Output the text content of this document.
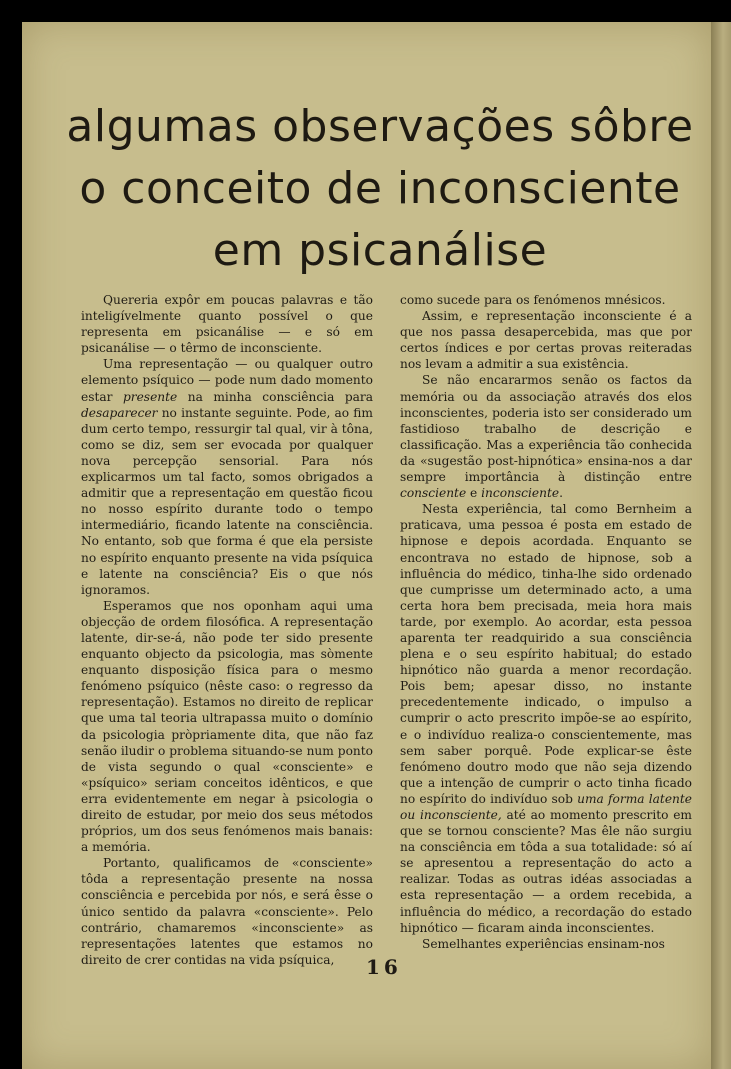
algumas observações sôbre
o conceito de inconsciente
em psicanálise

Quereria expôr em poucas palavras e tão inteligívelmente quanto possível o que representa em psicanálise — e só em psicanálise — o têrmo de inconsciente.

Uma representação — ou qualquer outro elemento psíquico — pode num dado momento estar presente na minha consciência para desaparecer no instante seguinte. Pode, ao fim dum certo tempo, ressurgir tal qual, vir à tôna, como se diz, sem ser evocada por qualquer nova percepção sensorial. Para nós explicarmos um tal facto, somos obrigados a admitir que a representação em questão ficou no nosso espírito durante todo o tempo intermediário, ficando latente na consciência. No entanto, sob que forma é que ela persiste no espírito enquanto presente na vida psíquica e latente na consciência? Eis o que nós ignoramos.

Esperamos que nos oponham aqui uma objecção de ordem filosófica. A representação latente, dir-se-á, não pode ter sido presente enquanto objecto da psicologia, mas sòmente enquanto disposição física para o mesmo fenómeno psíquico (nêste caso: o regresso da representação). Estamos no direito de replicar que uma tal teoria ultrapassa muito o domínio da psicologia pròpriamente dita, que não faz senão iludir o problema situando-se num ponto de vista segundo o qual «consciente» e «psíquico» seriam conceitos idênticos, e que erra evidentemente em negar à psicologia o direito de estudar, por meio dos seus métodos próprios, um dos seus fenómenos mais banais: a memória.

Portanto, qualificamos de «consciente» tôda a representação presente na nossa consciência e percebida por nós, e será êsse o único sentido da palavra «consciente». Pelo contrário, chamaremos «inconsciente» as representações latentes que estamos no direito de crer contidas na vida psíquica,

como sucede para os fenómenos mnésicos.

Assim, e representação inconsciente é a que nos passa desapercebida, mas que por certos índices e por certas provas reiteradas nos levam a admitir a sua existência.

Se não encararmos senão os factos da memória ou da associação através dos elos inconscientes, poderia isto ser considerado um fastidioso trabalho de descrição e classificação. Mas a experiência tão conhecida da «sugestão post-hipnótica» ensina-nos a dar sempre importância à distinção entre consciente e inconsciente.

Nesta experiência, tal como Bernheim a praticava, uma pessoa é posta em estado de hipnose e depois acordada. Enquanto se encontrava no estado de hipnose, sob a influência do médico, tinha-lhe sido ordenado que cumprisse um determinado acto, a uma certa hora bem precisada, meia hora mais tarde, por exemplo. Ao acordar, esta pessoa aparenta ter readquirido a sua consciência plena e o seu espírito habitual; do estado hipnótico não guarda a menor recordação. Pois bem; apesar disso, no instante precedentemente indicado, o impulso a cumprir o acto prescrito impõe-se ao espírito, e o indivíduo realiza-o conscientemente, mas sem saber porquê. Pode explicar-se êste fenómeno doutro modo que não seja dizendo que a intenção de cumprir o acto tinha ficado no espírito do indivíduo sob uma forma latente ou inconsciente, até ao momento prescrito em que se tornou consciente? Mas êle não surgiu na consciência em tôda a sua totalidade: só aí se apresentou a representação do acto a realizar. Todas as outras idéas associadas a esta representação — a ordem recebida, a influência do médico, a recordação do estado hipnótico — ficaram ainda inconscientes.

Semelhantes experiências ensinam-nos

16
